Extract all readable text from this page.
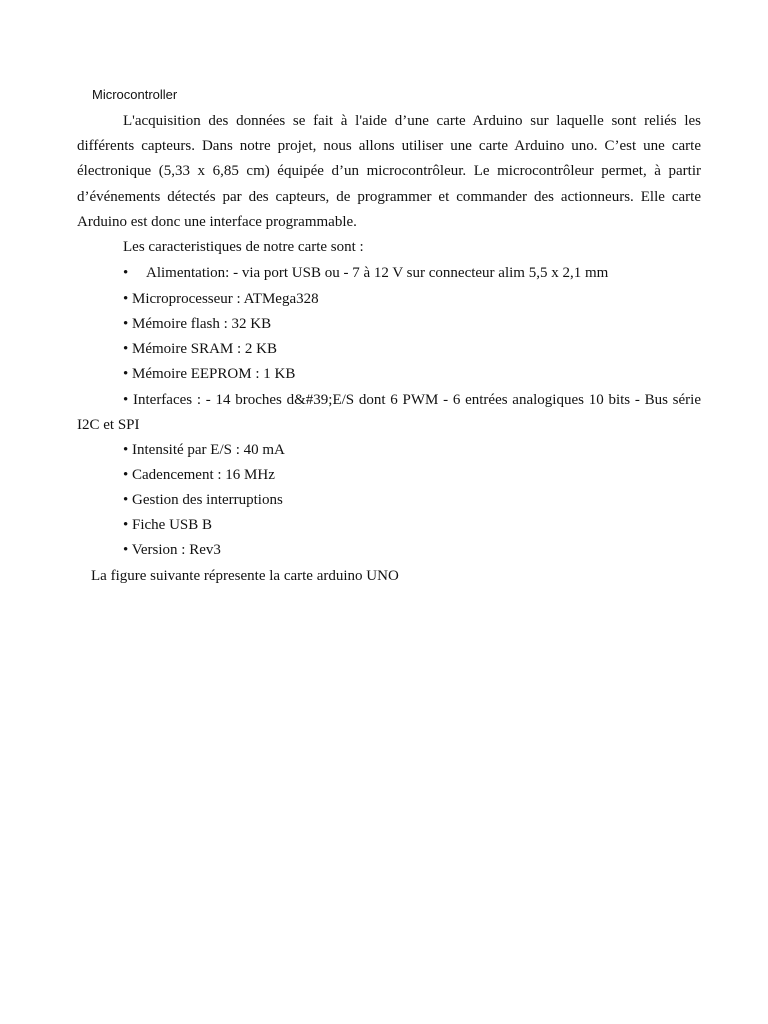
Microcontroller

L'acquisition des données se fait à l'aide d’une carte Arduino sur laquelle sont reliés les différents capteurs. Dans notre projet, nous allons utiliser une carte Arduino uno. C’est une carte électronique (5,33 x 6,85 cm) équipée d’un microcontrôleur. Le microcontrôleur permet, à partir d’événements détectés par des capteurs, de programmer et commander des actionneurs. Elle carte Arduino est donc une interface programmable.

Les caracteristiques de notre carte sont :
• Alimentation: - via port USB ou - 7 à 12 V sur connecteur alim 5,5 x 2,1 mm
• Microprocesseur : ATMega328
• Mémoire flash : 32 KB
• Mémoire SRAM : 2 KB
• Mémoire EEPROM : 1 KB

• Interfaces : - 14 broches d&#39;E/S dont 6 PWM - 6 entrées analogiques 10 bits - Bus série I2C et SPI

• Intensité par E/S : 40 mA
• Cadencement : 16 MHz
• Gestion des interruptions
• Fiche USB B
• Version : Rev3
La figure suivante répresente la carte arduino UNO
